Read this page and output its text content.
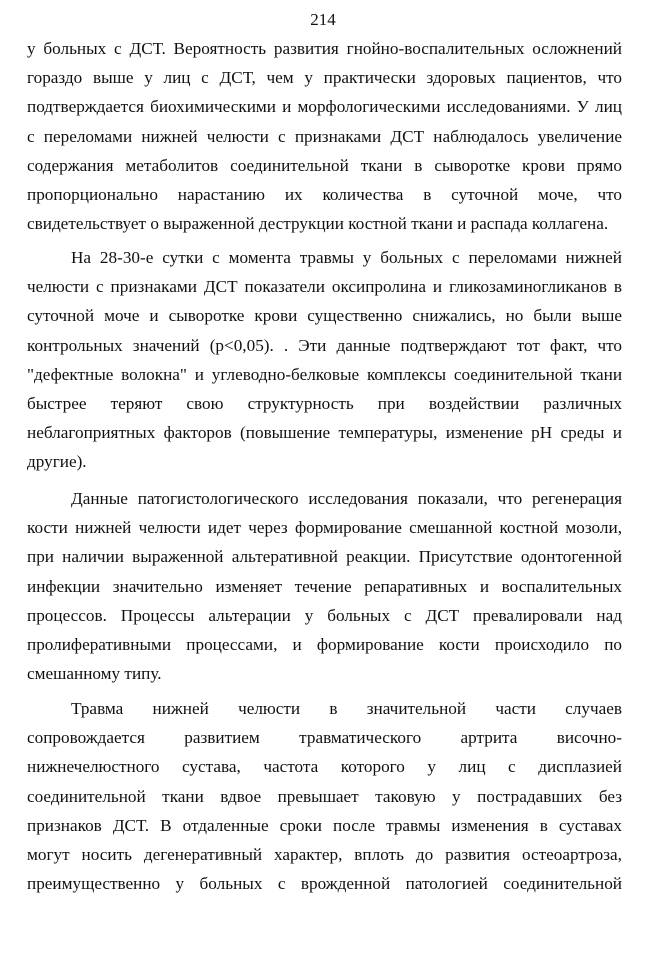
214
у больных с ДСТ. Вероятность развития гнойно-воспалительных осложнений
гораздо выше у лиц с ДСТ, чем у практически здоровых пациентов, что
подтверждается биохимическими и морфологическими исследованиями. У лиц
с переломами нижней челюсти с признаками ДСТ наблюдалось увеличение
содержания метаболитов соединительной ткани в сыворотке крови прямо
пропорционально нарастанию их количества в суточной моче, что
свидетельствует о выраженной деструкции костной ткани и распада коллагена.
На 28-30-е сутки с момента травмы у больных с переломами нижней
челюсти с признаками ДСТ показатели оксипролина и гликозаминогликанов в
суточной моче и сыворотке крови существенно снижались, но были выше
контрольных значений (p<0,05). . Эти данные подтверждают тот факт, что
"дефектные волокна" и углеводно-белковые комплексы соединительной ткани
быстрее теряют свою структурность при воздействии различных
неблагоприятных факторов (повышение температуры, изменение pH среды и
другие).
Данные патогистологического исследования показали, что регенерация
кости нижней челюсти идет через формирование смешанной костной мозоли,
при наличии выраженной альтеративной реакции. Присутствие одонтогенной
инфекции значительно изменяет течение репаративных и воспалительных
процессов. Процессы альтерации у больных с ДСТ превалировали над
пролиферативными процессами, и формирование кости происходило по
смешанному типу.
Травма нижней челюсти в значительной части случаев
сопровождается развитием травматического артрита височно-
нижнечелюстного сустава, частота которого у лиц с дисплазией
соединительной ткани вдвое превышает таковую у пострадавших без
признаков ДСТ. В отдаленные сроки после травмы изменения в суставах
могут носить дегенеративный характер, вплоть до развития остеоартроза,
преимущественно у больных с врожденной патологией соединительной
